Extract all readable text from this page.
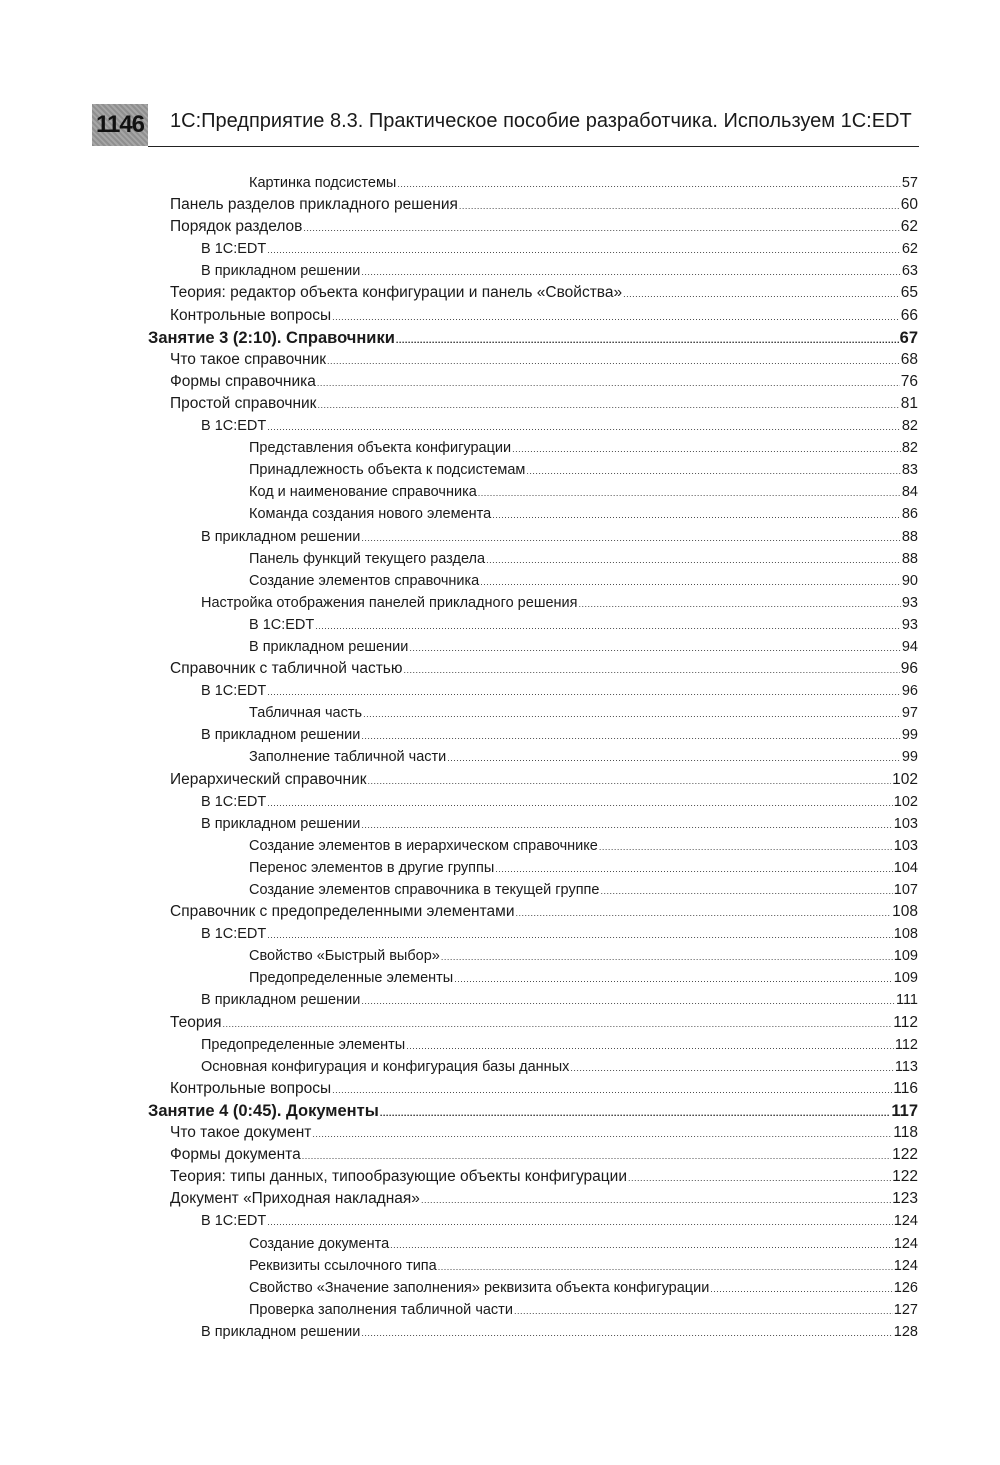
1146 1С:Предприятие 8.3. Практическое пособие разработчика. Используем 1С:EDT
Картинка подсистемы .....	57
Панель разделов прикладного решения .....	60
Порядок разделов .....	62
В 1С:EDT .....	62
В прикладном решении .....	63
Теория: редактор объекта конфигурации и панель «Свойства» .....	65
Контрольные вопросы .....	66
Занятие 3 (2:10). Справочники .....	67
Что такое справочник .....	68
Формы справочника .....	76
Простой справочник .....	81
В 1С:EDT .....	82
Представления объекта конфигурации .....	82
Принадлежность объекта к подсистемам .....	83
Код и наименование справочника .....	84
Команда создания нового элемента .....	86
В прикладном решении .....	88
Панель функций текущего раздела .....	88
Создание элементов справочника .....	90
Настройка отображения панелей прикладного решения .....	93
В 1С:EDT .....	93
В прикладном решении .....	94
Справочник с табличной частью .....	96
В 1С:EDT .....	96
Табличная часть .....	97
В прикладном решении .....	99
Заполнение табличной части .....	99
Иерархический справочник .....	102
В 1С:EDT .....	102
В прикладном решении .....	103
Создание элементов в иерархическом справочнике .....	103
Перенос элементов в другие группы .....	104
Создание элементов справочника в текущей группе .....	107
Справочник с предопределенными элементами .....	108
В 1С:EDT .....	108
Свойство «Быстрый выбор» .....	109
Предопределенные элементы .....	109
В прикладном решении .....	111
Теория .....	112
Предопределенные элементы .....	112
Основная конфигурация и конфигурация базы данных .....	113
Контрольные вопросы .....	116
Занятие 4 (0:45). Документы .....	117
Что такое документ .....	118
Формы документа .....	122
Теория: типы данных, типообразующие объекты конфигурации .....	122
Документ «Приходная накладная» .....	123
В 1С:EDT .....	124
Создание документа .....	124
Реквизиты ссылочного типа .....	124
Свойство «Значение заполнения» реквизита объекта конфигурации .....	126
Проверка заполнения табличной части .....	127
В прикладном решении .....	128
